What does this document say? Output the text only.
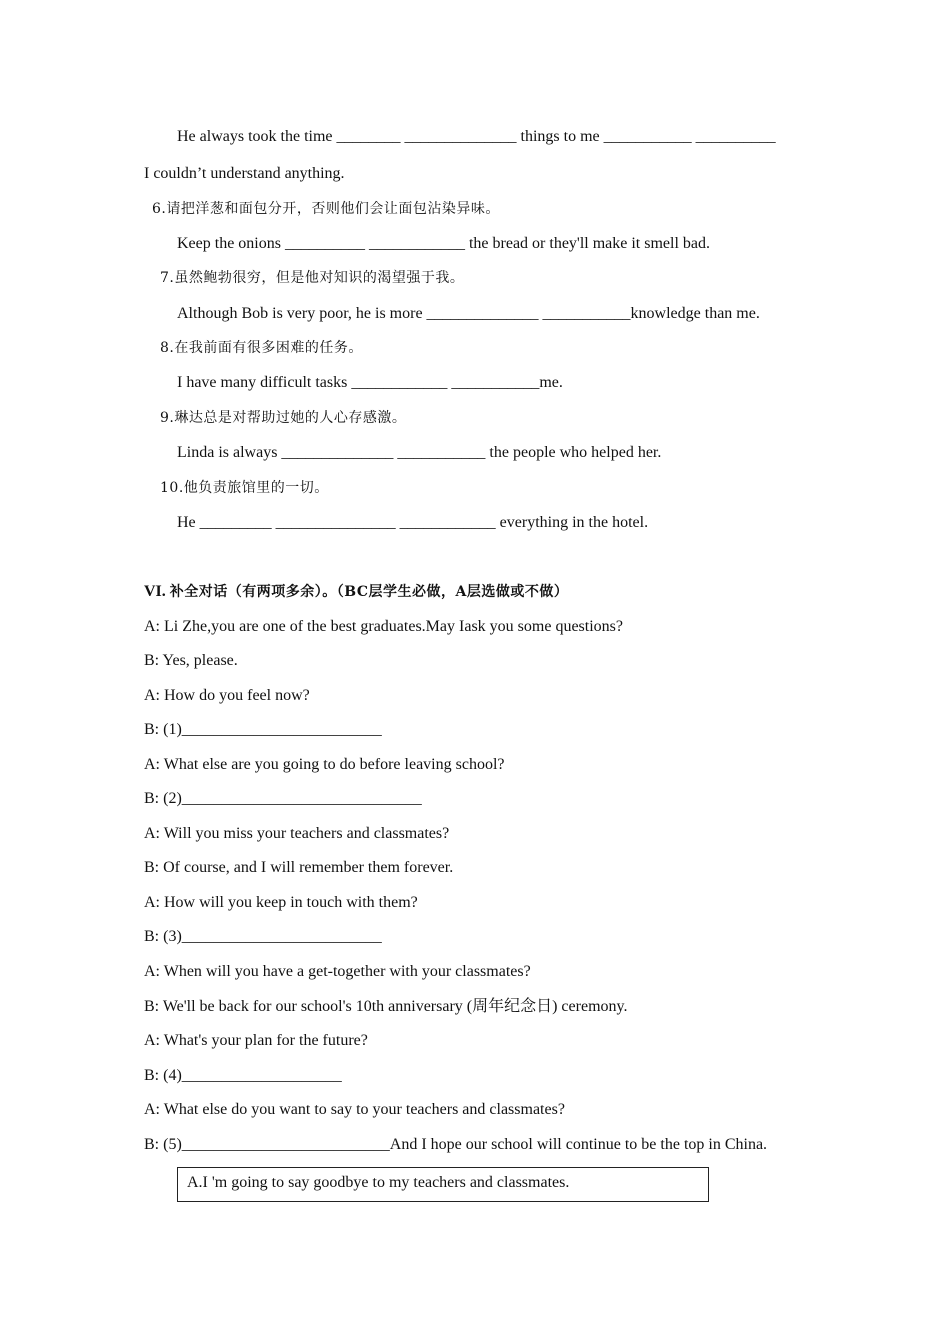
He always took the time ________ ______________ things to me ___________ __________
I couldn’t understand anything.
6.请把洋葱和面包分开，否则他们会让面包沾染异味。
Keep the onions __________ ____________ the bread or they'll make it smell bad.
7.虽然鲍勃很穷，但是他对知识的渴望强于我。
Although Bob is very poor, he is more ______________ ___________knowledge than me.
8.在我前面有很多困难的任务。
I have many difficult tasks ____________ ___________me.
9.琳达总是对帮助过她的人心存感激。
Linda is always ______________ ___________ the people who helped her.
10.他负责旅馆里的一切。
He _________ _______________ ____________ everything in the hotel.
VI. 补全对话（有两项多余）。（BC层学生必做，A层选做或不做）
A: Li Zhe,you are one of the best graduates.May Iask you some questions?
B: Yes, please.
A: How do you feel now?
B: (1)_________________________
A: What else are you going to do before leaving school?
B: (2)______________________________
A: Will you miss your teachers and classmates?
B: Of course, and I will remember them forever.
A: How will you keep in touch with them?
B: (3)_________________________
A: When will you have a get-together with your classmates?
B: We'll be back for our school's 10th anniversary (周年纪念日) ceremony.
A: What's your plan for the future?
B: (4)____________________
A: What else do you want to say to your teachers and classmates?
B: (5)__________________________And I hope our school will continue to be the top in China.
A.I 'm going to say goodbye to my teachers and classmates.
